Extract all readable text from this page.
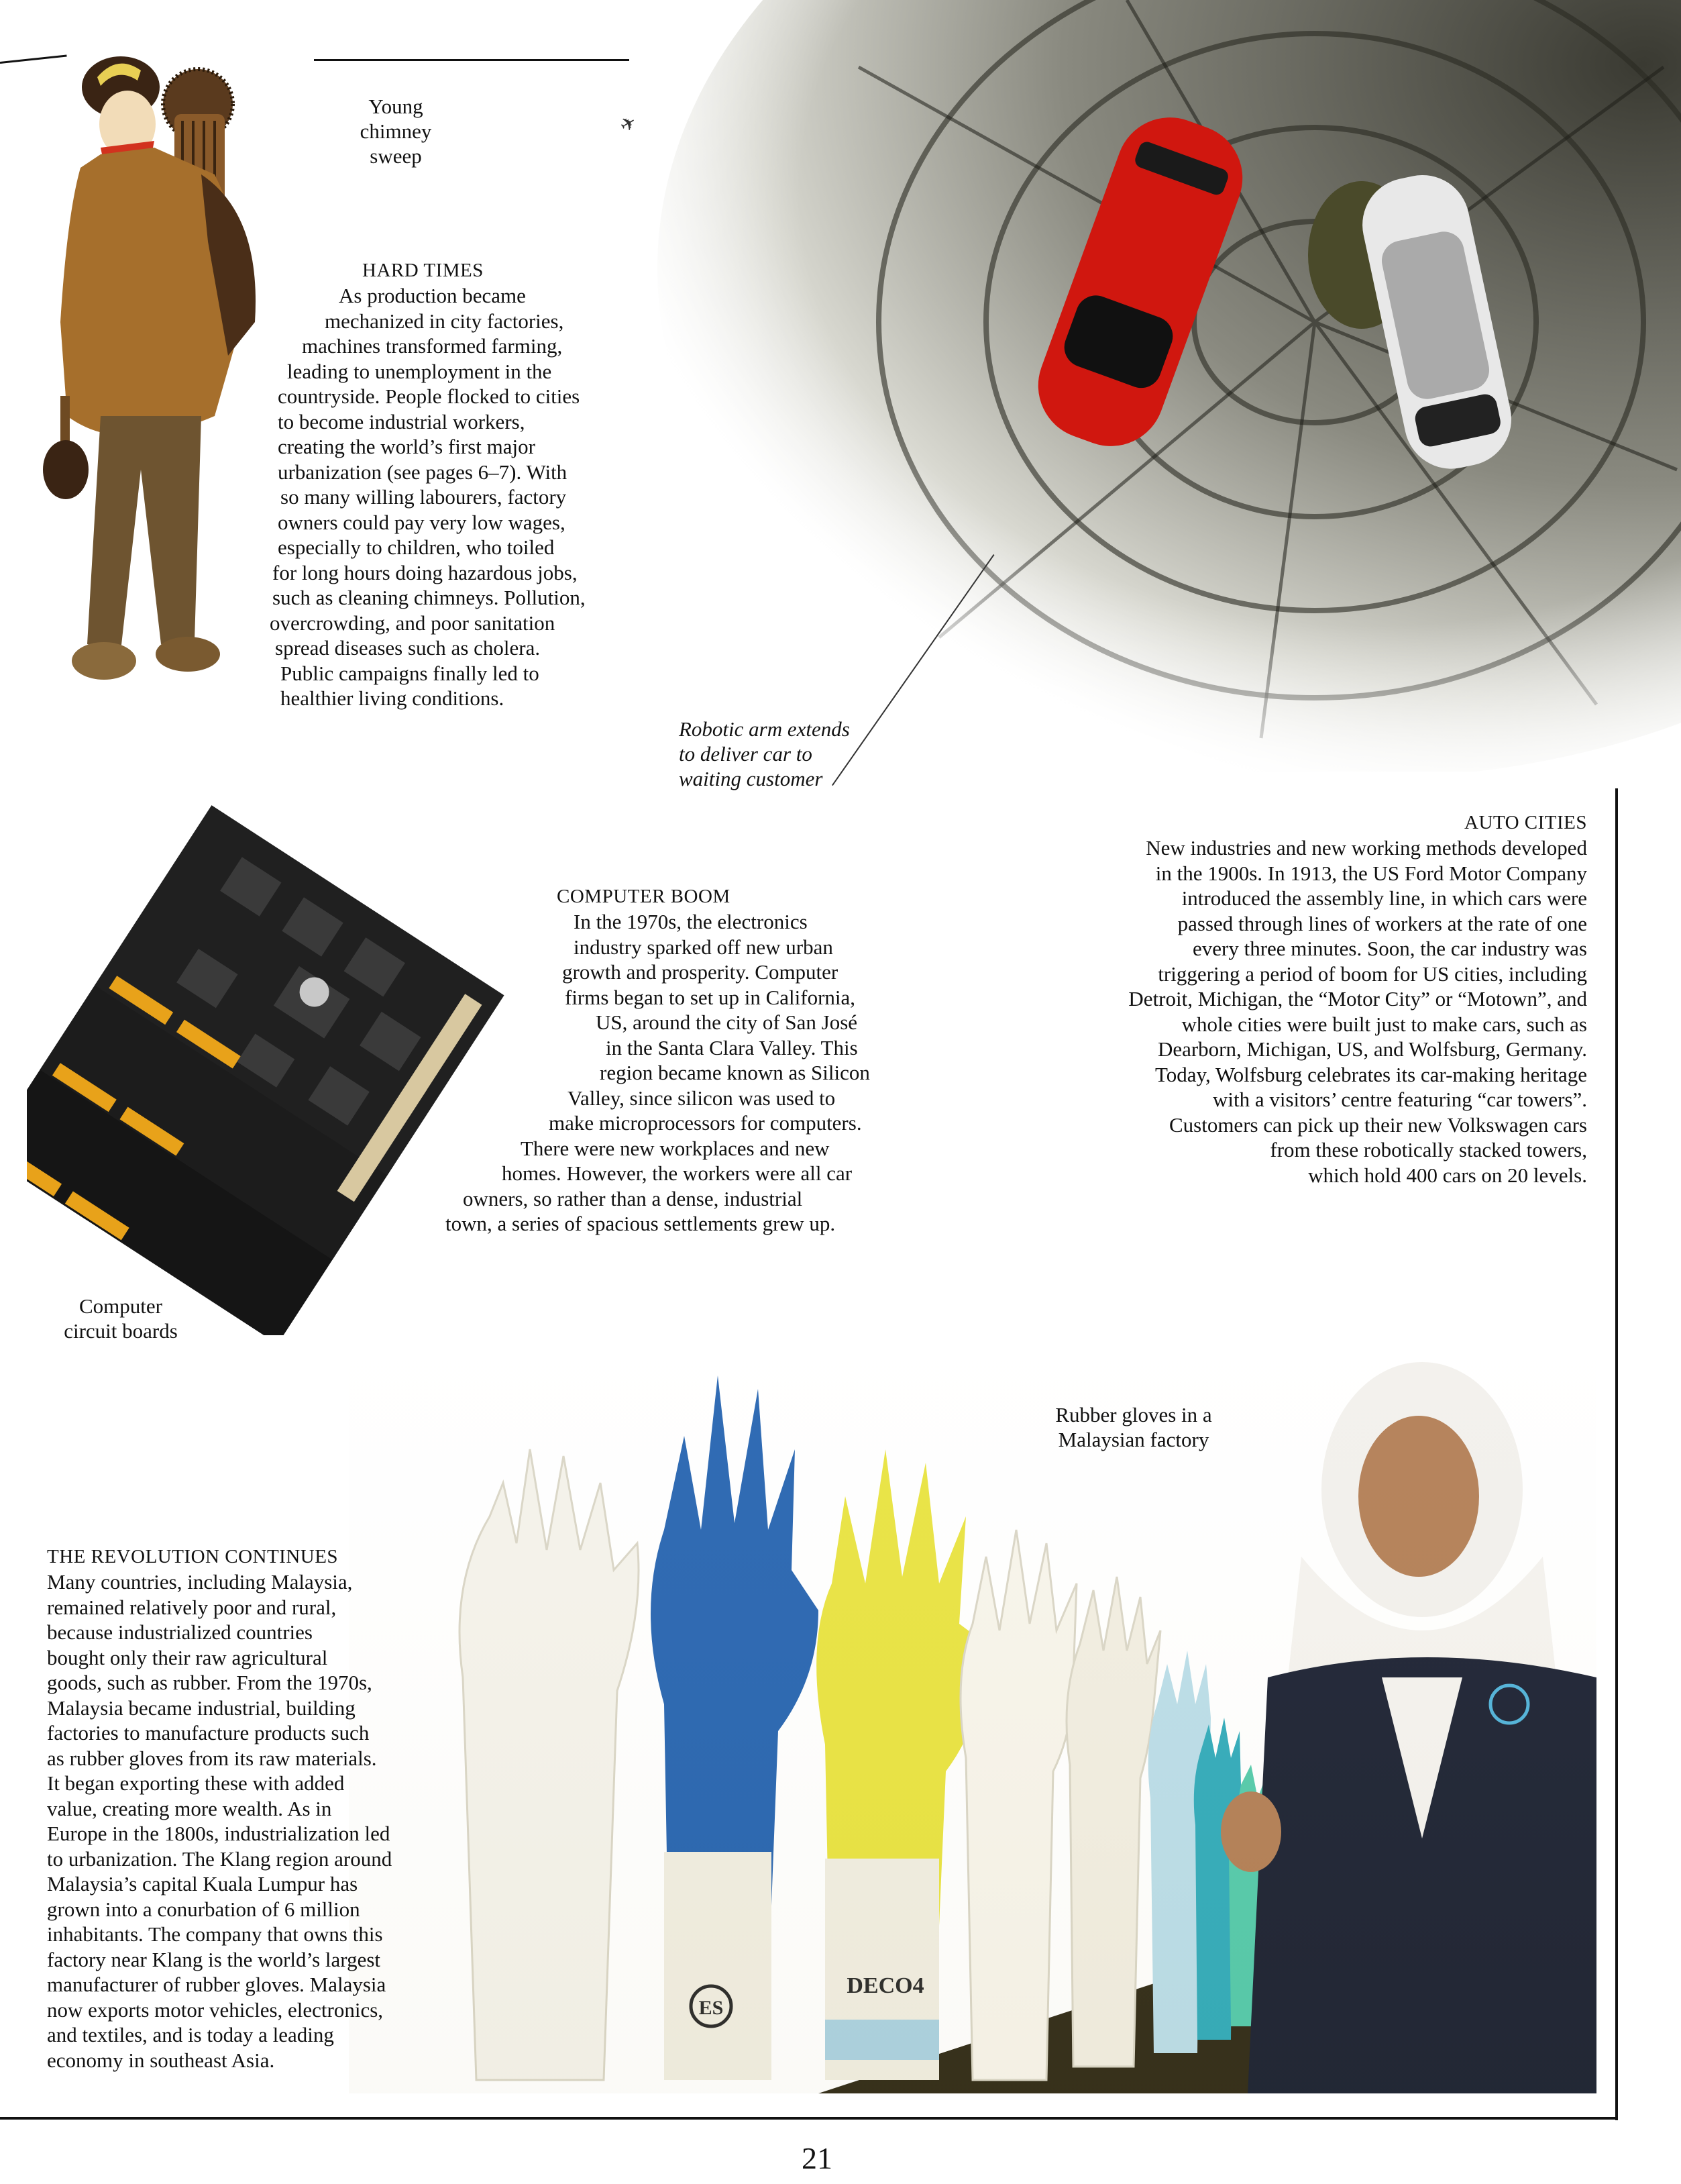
Young
chimney
sweep
✈
HARD TIMES
As production became
mechanized in city factories,
machines transformed farming,
leading to unemployment in the
countryside. People flocked to cities
to become industrial workers,
creating the world’s first major
urbanization (see pages 6–7). With
so many willing labourers, factory
owners could pay very low wages,
especially to children, who toiled
for long hours doing hazardous jobs,
such as cleaning chimneys. Pollution,
overcrowding, and poor sanitation
spread diseases such as cholera.
Public campaigns finally led to
healthier living conditions.
Robotic arm extends
to deliver car to
waiting customer
AUTO CITIES
New industries and new working methods developed
in the 1900s. In 1913, the US Ford Motor Company
introduced the assembly line, in which cars were
passed through lines of workers at the rate of one
every three minutes. Soon, the car industry was
triggering a period of boom for US cities, including
Detroit, Michigan, the “Motor City” or “Motown”, and
whole cities were built just to make cars, such as
Dearborn, Michigan, US, and Wolfsburg, Germany.
Today, Wolfsburg celebrates its car-making heritage
with a visitors’ centre featuring “car towers”.
Customers can pick up their new Volkswagen cars
from these robotically stacked towers,
which hold 400 cars on 20 levels.
COMPUTER BOOM
In the 1970s, the electronics
industry sparked off new urban
growth and prosperity. Computer
firms began to set up in California,
US, around the city of San José
in the Santa Clara Valley. This
region became known as Silicon
Valley, since silicon was used to
make microprocessors for computers.
There were new workplaces and new
homes. However, the workers were all car
owners, so rather than a dense, industrial
town, a series of spacious settlements grew up.
Computer
circuit boards
ES
DECO4
Rubber gloves in a
Malaysian factory
THE REVOLUTION CONTINUES
Many countries, including Malaysia,
remained relatively poor and rural,
because industrialized countries
bought only their raw agricultural
goods, such as rubber. From the 1970s,
Malaysia became industrial, building
factories to manufacture products such
as rubber gloves from its raw materials.
It began exporting these with added
value, creating more wealth. As in
Europe in the 1800s, industrialization led
to urbanization. The Klang region around
Malaysia’s capital Kuala Lumpur has
grown into a conurbation of 6 million
inhabitants. The company that owns this
factory near Klang is the world’s largest
manufacturer of rubber gloves. Malaysia
now exports motor vehicles, electronics,
and textiles, and is today a leading
economy in southeast Asia.
21
